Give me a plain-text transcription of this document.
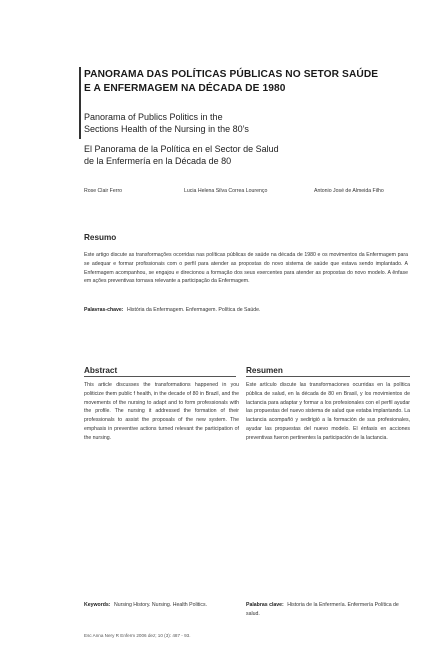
PANORAMA DAS POLÍTICAS PÚBLICAS NO SETOR SAÚDE
E A ENFERMAGEM NA DÉCADA DE 1980
Panorama of Publics Politics in the
Sections Health of the Nursing in the 80’s
El Panorama de la Política en el Sector de Salud
de la Enfermería en la Década de 80
Rose Clair Ferro	Lucia Helena Silva Correa Lourenço	Antonio José de Almeida Filho
Resumo
Este artigo discute as transformações ocorridas nas políticas públicas de saúde na década de 1980 e os movimentos da Enfermagem para se adequar e formar profissionais com o perfil para atender as propostas do novo sistema de saúde que estava sendo implantado. A Enfermagem acompanhou, se engajou e direcionou a formação dos seus exercentes para atender as propostas do novo modelo. A ênfase em ações preventivas tornava relevante a participação da Enfermagem.
Palavras-chave: História da Enfermagem. Enfermagem. Política de Saúde.
Abstract
This article discusses the transformations happened in you politicize them public f health, in the decade of 80 in Brazil, and the movements of the nursing to adapt and to form professionals with the profile. The nursing it addressed the formation of their professionals to assist the proposals of the new system. The emphasis in preventive actions turned relevant the participation of the nursing.
Resumen
Este artículo discute las transformaciones ocurridas en la política pública de salud, en la década de 80 en Brasil, y los movimientos de lactancia para adaptar y formar a los profesionales con el perfil ayudar las propuestas del nuevo sistema de salud que estaba implantando. La lactancia acompañó y sedirigió a la formación de sus profesionales, ayudar las propuestas del nuevo modelo. El énfasis en acciones preventivas fueron pertinentes la participación de la lactancia.
Keywords: Nursing History. Nursing. Health Politics.	Palabras clave: Historia de la Enfermería. Enfermería Política de salud.
Esc Anna Nery R Enferm 2006 dez; 10 (3): 487 - 93.
